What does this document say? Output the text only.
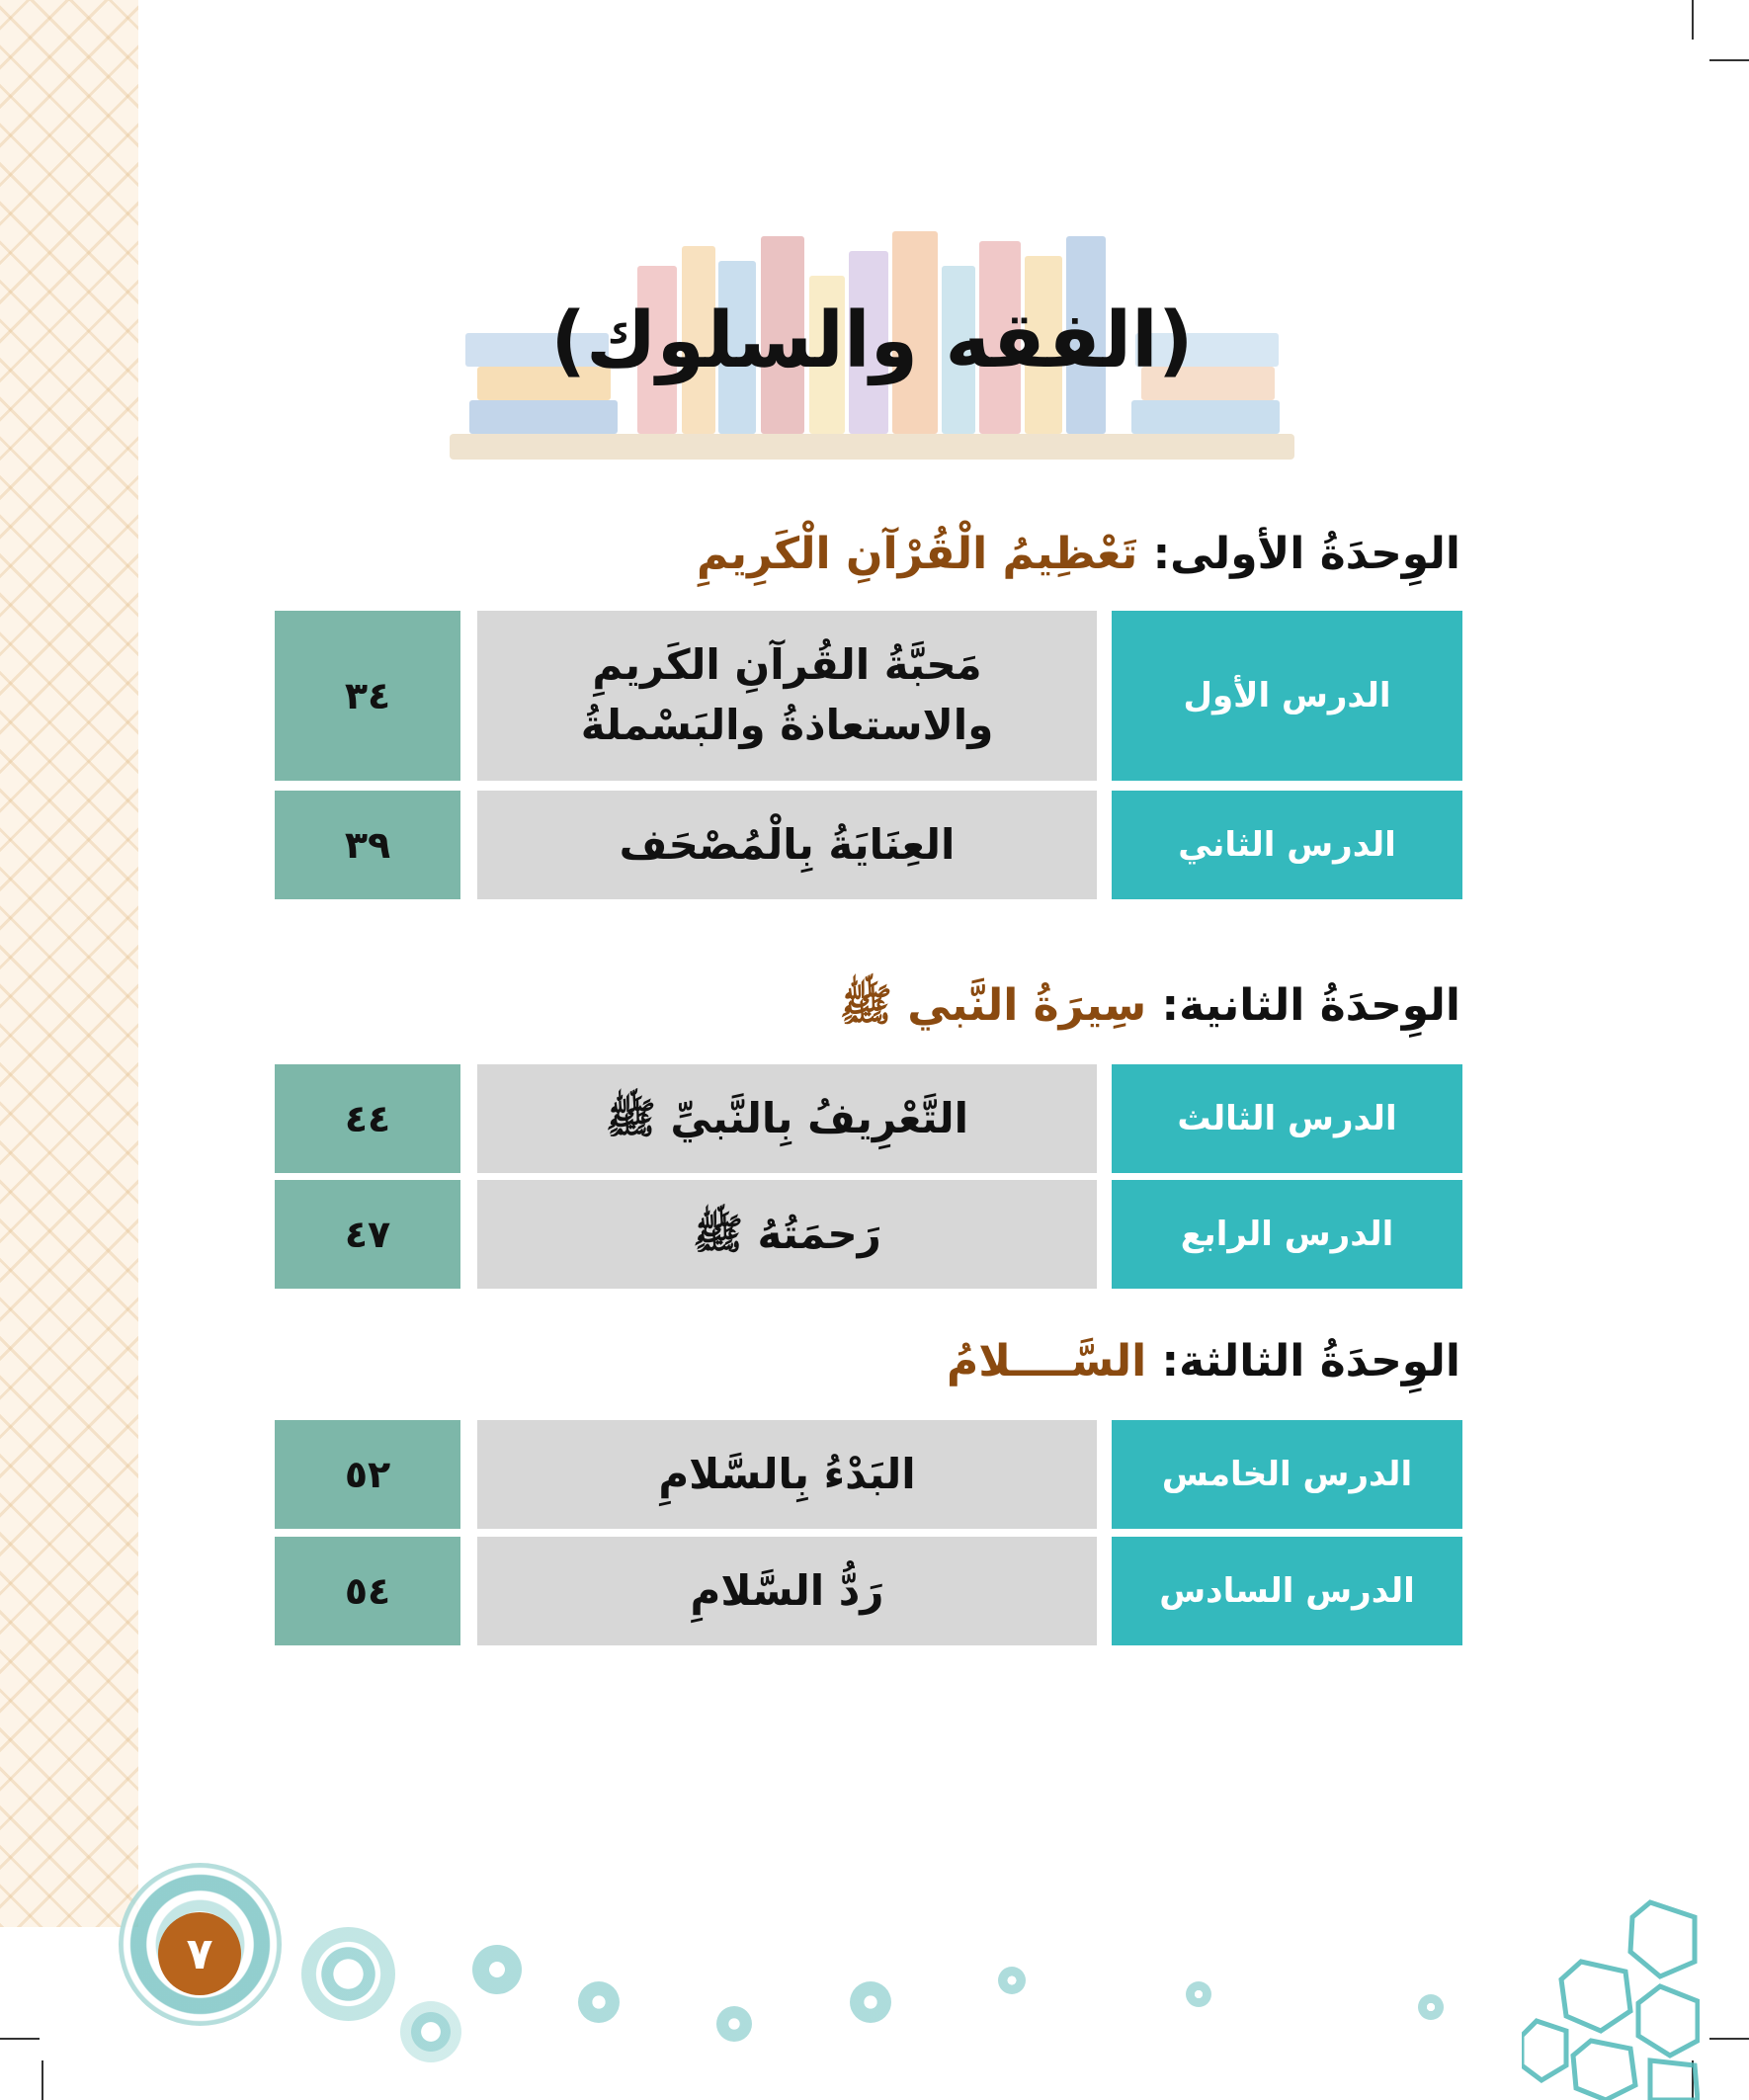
(الفقه والسلوك)
الوِحدَةُ الأولى: تَعْظِيمُ الْقُرْآنِ الْكَرِيمِ
الدرس الأول
مَحبَّةُ القُرآنِ الكَريمِ
والاستعاذةُ والبَسْملةُ
٣٤
الدرس الثاني
العِنَايَةُ بِالْمُصْحَف
٣٩
الوِحدَةُ الثانية: سِيرَةُ النَّبي ﷺ
الدرس الثالث
التَّعْرِيفُ بِالنَّبيِّ ﷺ
٤٤
الدرس الرابع
رَحمَتُهُ ﷺ
٤٧
الوِحدَةُ الثالثة: السَّــــلامُ
الدرس الخامس
البَدْءُ بِالسَّلامِ
٥٢
الدرس السادس
رَدُّ السَّلامِ
٥٤
٧
